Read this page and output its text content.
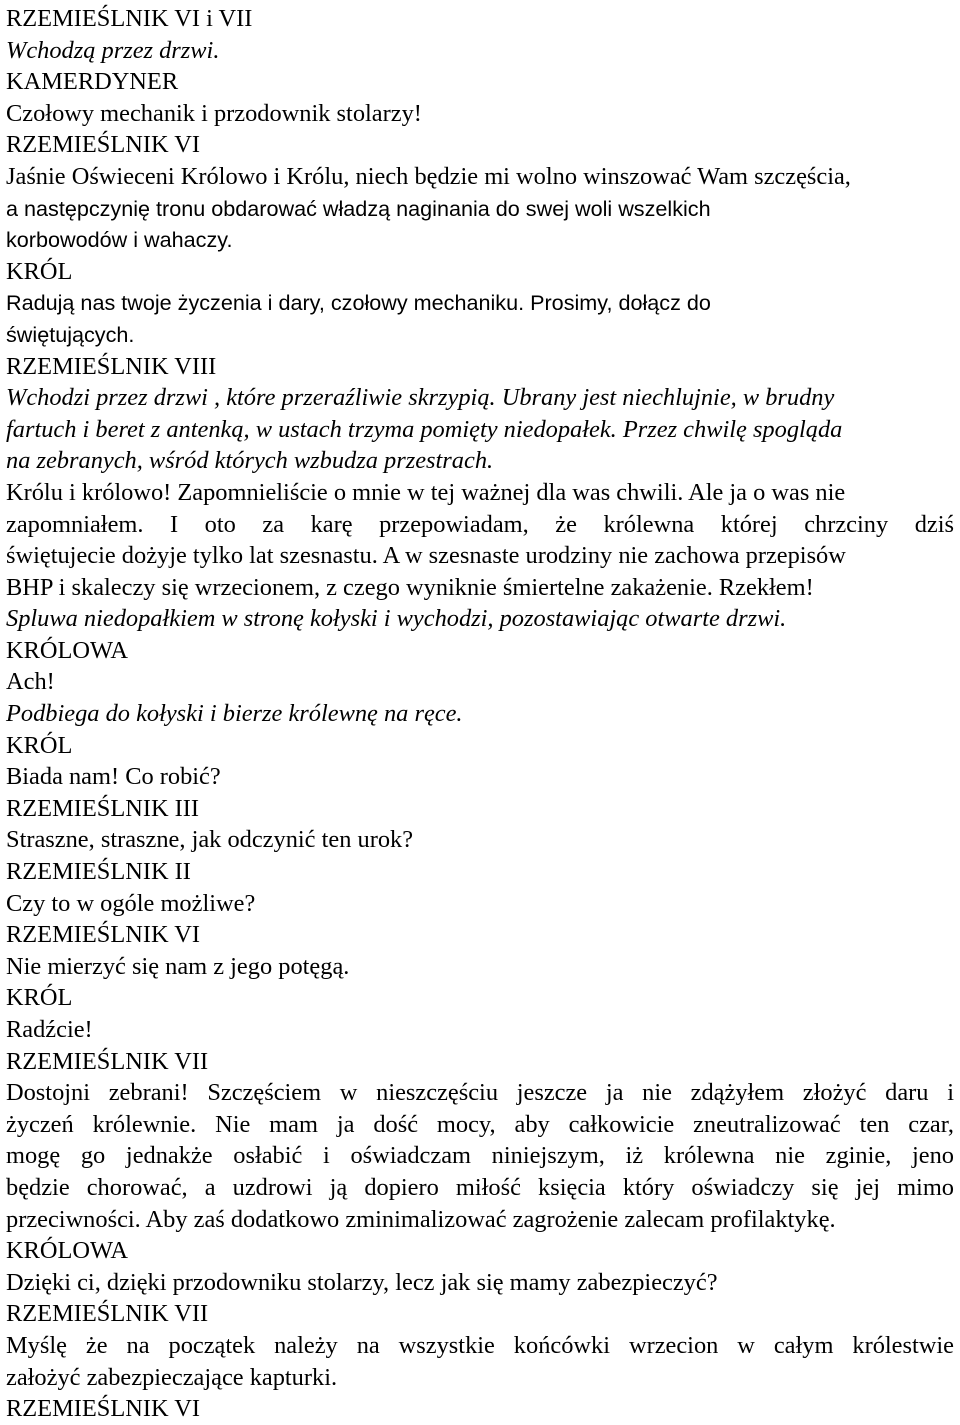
RZEMIEŚLNIK VI i VII
Wchodzą przez drzwi.
KAMERDYNER
Czołowy mechanik i przodownik stolarzy!
RZEMIEŚLNIK VI
Jaśnie Oświeceni Królowo i Królu, niech będzie mi wolno winszować Wam szczęścia,
a następczynię tronu obdarować władzą naginania do swej woli wszelkich
korbowodów i wahaczy.
KRÓL
Radują nas twoje życzenia i dary, czołowy mechaniku. Prosimy, dołącz do
świętujących.
RZEMIEŚLNIK VIII
Wchodzi przez drzwi , które przeraźliwie skrzypią. Ubrany jest niechlujnie, w brudny
fartuch i beret z antenką, w ustach trzyma pomięty niedopałek. Przez chwilę spogląda
na zebranych, wśród których wzbudza przestrach.
Królu i królowo! Zapomnieliście o mnie w tej ważnej dla was chwili. Ale ja o was nie
zapomniałem. I oto za karę przepowiadam, że królewna której chrzciny dziś
świętujecie dożyje tylko lat szesnastu. A w szesnaste urodziny nie zachowa przepisów
BHP i skaleczy się wrzecionem, z czego wyniknie śmiertelne zakażenie. Rzekłem!
Spluwa niedopałkiem w stronę kołyski i wychodzi, pozostawiając otwarte drzwi.
KRÓLOWA
Ach!
Podbiega do kołyski i bierze królewnę na ręce.
KRÓL
Biada nam! Co robić?
RZEMIEŚLNIK III
Straszne, straszne, jak odczynić ten urok?
RZEMIEŚLNIK II
Czy to w ogóle możliwe?
RZEMIEŚLNIK VI
Nie mierzyć się nam z jego potęgą.
KRÓL
Radźcie!
RZEMIEŚLNIK VII
Dostojni zebrani! Szczęściem w nieszczęściu jeszcze ja nie zdążyłem złożyć daru i
życzeń królewnie. Nie mam ja dość mocy, aby całkowicie zneutralizować ten czar,
mogę go jednakże osłabić i oświadczam niniejszym, iż królewna nie zginie, jeno
będzie chorować, a uzdrowi ją dopiero miłość księcia który oświadczy się jej mimo
przeciwności. Aby zaś dodatkowo zminimalizować zagrożenie zalecam profilaktykę.
KRÓLOWA
Dzięki ci, dzięki przodowniku stolarzy, lecz jak się mamy zabezpieczyć?
RZEMIEŚLNIK VII
Myślę że na początek należy na wszystkie końcówki wrzecion w całym królestwie
założyć zabezpieczające kapturki.
RZEMIEŚLNIK VI
